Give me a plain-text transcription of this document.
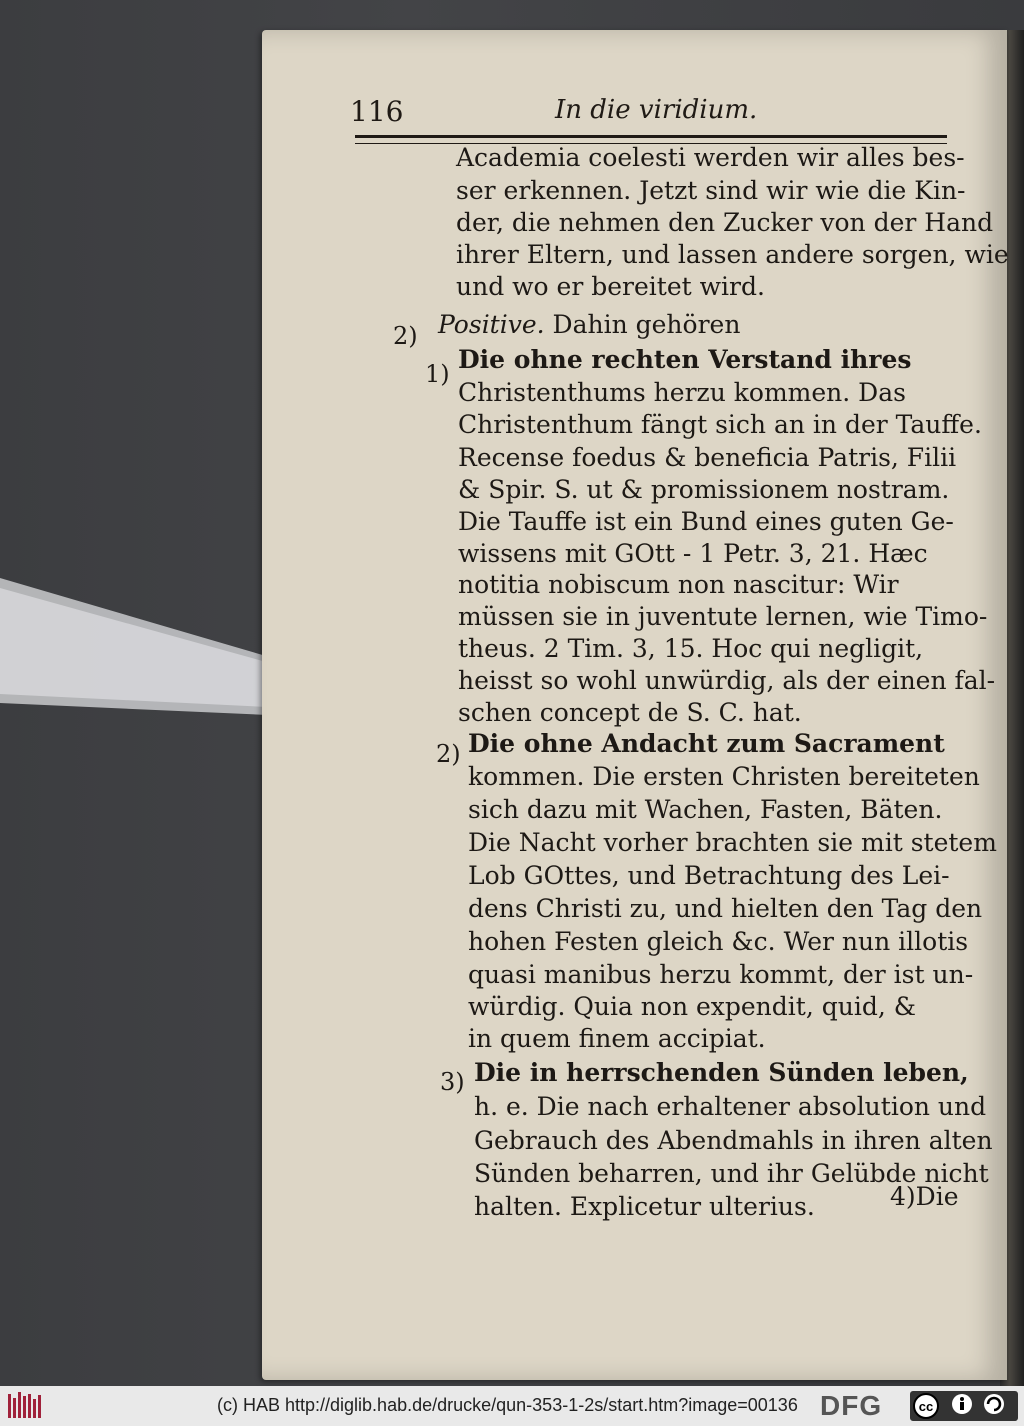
116	In die viridium.
Academia coelesti werden wir alles bes-
ser erkennen. Jetzt sind wir wie die Kin-
der, die nehmen den Zucker von der Hand
ihrer Eltern, und lassen andere sorgen, wie
und wo er bereitet wird.
2) Positive. Dahin gehören
1) Die ohne rechten Verstand ihres
Christenthums herzu kommen. Das
Christenthum fängt sich an in der Tauffe.
Recense foedus & beneficia Patris, Filii
& Spir. S. ut & promissionem nostram.
Die Tauffe ist ein Bund eines guten Ge-
wissens mit GOtt - 1 Petr. 3, 21. Hæc
notitia nobiscum non nascitur: Wir
müssen sie in juventute lernen, wie Timo-
theus. 2 Tim. 3, 15. Hoc qui negligit,
heisst so wohl unwürdig, als der einen fal-
schen concept de S. C. hat.
2) Die ohne Andacht zum Sacrament
kommen. Die ersten Christen bereiteten
sich dazu mit Wachen, Fasten, Bäten.
Die Nacht vorher brachten sie mit stetem
Lob GOttes, und Betrachtung des Lei-
dens Christi zu, und hielten den Tag den
hohen Festen gleich &c. Wer nun illotis
quasi manibus herzu kommt, der ist un-
würdig. Quia non expendit, quid, &
in quem finem accipiat.
3) Die in herrschenden Sünden leben,
h. e. Die nach erhaltener absolution und
Gebrauch des Abendmahls in ihren alten
Sünden beharren, und ihr Gelübde nicht
halten. Explicetur ulterius.	4)Die
(c) HAB http://diglib.hab.de/drucke/qun-353-1-2s/start.htm?image=00136 DFG	cc
